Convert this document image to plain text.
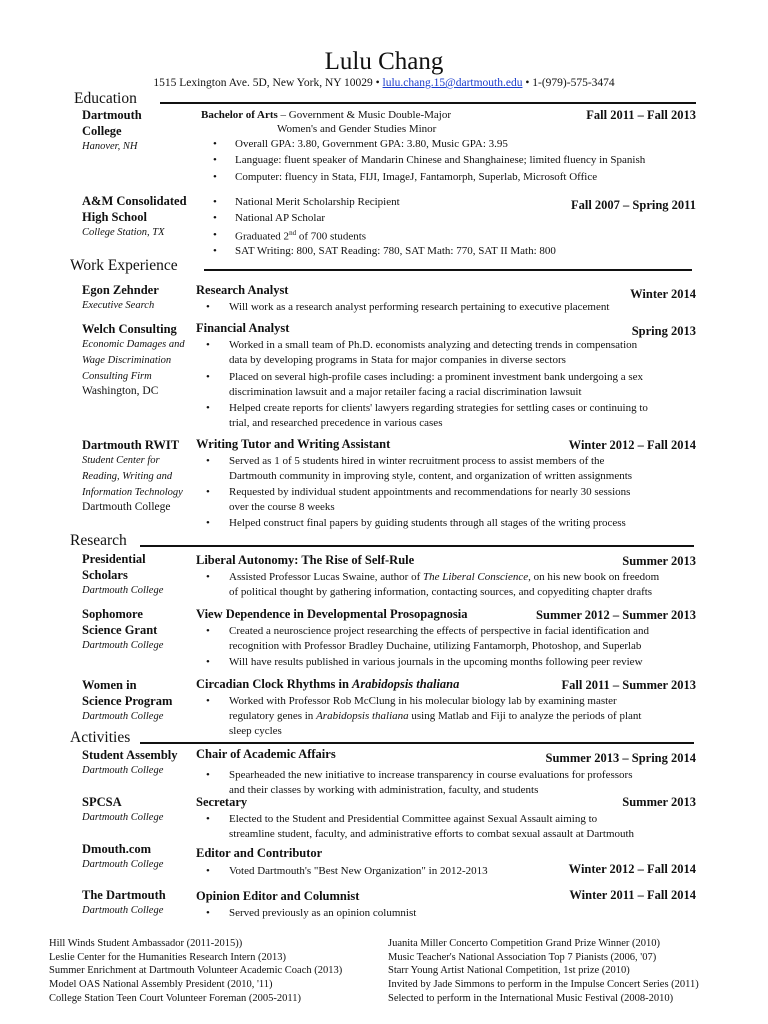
Lulu Chang
1515 Lexington Ave. 5D, New York, NY 10029 • lulu.chang.15@dartmouth.edu • 1-(979)-575-3474
Education
Dartmouth
College
Hanover, NH
Bachelor of Arts – Government & Music Double-Major	Fall 2011 – Fall 2013
Women's and Gender Studies Minor
• Overall GPA: 3.80, Government GPA: 3.80, Music GPA: 3.95
• Language: fluent speaker of Mandarin Chinese and Shanghainese; limited fluency in Spanish
• Computer: fluency in Stata, FIJI, ImageJ, Fantamorph, Superlab, Microsoft Office
A&M Consolidated
High School
College Station, TX
Fall 2007 – Spring 2011
• National Merit Scholarship Recipient
• National AP Scholar
• Graduated 2nd of 700 students
• SAT Writing: 800, SAT Reading: 780, SAT Math: 770, SAT II Math: 800
Work Experience
Egon Zehnder
Executive Search
Research Analyst	Winter 2014
• Will work as a research analyst performing research pertaining to executive placement
Welch Consulting
Economic Damages and
Wage Discrimination
Consulting Firm
Washington, DC
Financial Analyst	Spring 2013
• Worked in a small team of Ph.D. economists analyzing and detecting trends in compensation
data by developing programs in Stata for major companies in diverse sectors
• Placed on several high-profile cases including: a prominent investment bank undergoing a sex
discrimination lawsuit and a major retailer facing a racial discrimination lawsuit
• Helped create reports for clients' lawyers regarding strategies for settling cases or continuing to
trial, and researched precedence in various cases
Dartmouth RWIT
Student Center for
Reading, Writing and
Information Technology
Dartmouth College
Writing Tutor and Writing Assistant	Winter 2012 – Fall 2014
• Served as 1 of 5 students hired in winter recruitment process to assist members of the
Dartmouth community in improving style, content, and organization of written assignments
• Requested by individual student appointments and recommendations for nearly 30 sessions
over the course 8 weeks
• Helped construct final papers by guiding students through all stages of the writing process
Research
Presidential
Scholars
Dartmouth College
Liberal Autonomy: The Rise of Self-Rule	Summer 2013
• Assisted Professor Lucas Swaine, author of The Liberal Conscience, on his new book on freedom
of political thought by gathering information, contacting sources, and copyediting chapter drafts
Sophomore
Science Grant
Dartmouth College
View Dependence in Developmental Prosopagnosia	Summer 2012 – Summer 2013
• Created a neuroscience project researching the effects of perspective in facial identification and
recognition with Professor Bradley Duchaine, utilizing Fantamorph, Photoshop, and Superlab
• Will have results published in various journals in the upcoming months following peer review
Women in
Science Program
Dartmouth College
Circadian Clock Rhythms in Arabidopsis thaliana	Fall 2011 – Summer 2013
• Worked with Professor Rob McClung in his molecular biology lab by examining master
regulatory genes in Arabidopsis thaliana using Matlab and Fiji to analyze the periods of plant
sleep cycles
Activities
Student Assembly
Dartmouth College
Chair of Academic Affairs	Summer 2013 – Spring 2014
• Spearheaded the new initiative to increase transparency in course evaluations for professors
and their classes by working with administration, faculty, and students
SPCSA
Dartmouth College
Secretary	Summer 2013
• Elected to the Student and Presidential Committee against Sexual Assault aiming to
streamline student, faculty, and administrative efforts to combat sexual assault at Dartmouth
Dmouth.com
Dartmouth College
Editor and Contributor
Winter 2012 – Fall 2014
• Voted Dartmouth's "Best New Organization" in 2012-2013
The Dartmouth
Dartmouth College
Opinion Editor and Columnist	Winter 2011 – Fall 2014
• Served previously as an opinion columnist
Hill Winds Student Ambassador (2011-2015))
Leslie Center for the Humanities Research Intern (2013)
Summer Enrichment at Dartmouth Volunteer Academic Coach (2013)
Model OAS National Assembly President (2010, '11)
College Station Teen Court Volunteer Foreman (2005-2011)
Juanita Miller Concerto Competition Grand Prize Winner (2010)
Music Teacher's National Association Top 7 Pianists (2006, '07)
Starr Young Artist National Competition, 1st prize (2010)
Invited by Jade Simmons to perform in the Impulse Concert Series (2011)
Selected to perform in the International Music Festival (2008-2010)
